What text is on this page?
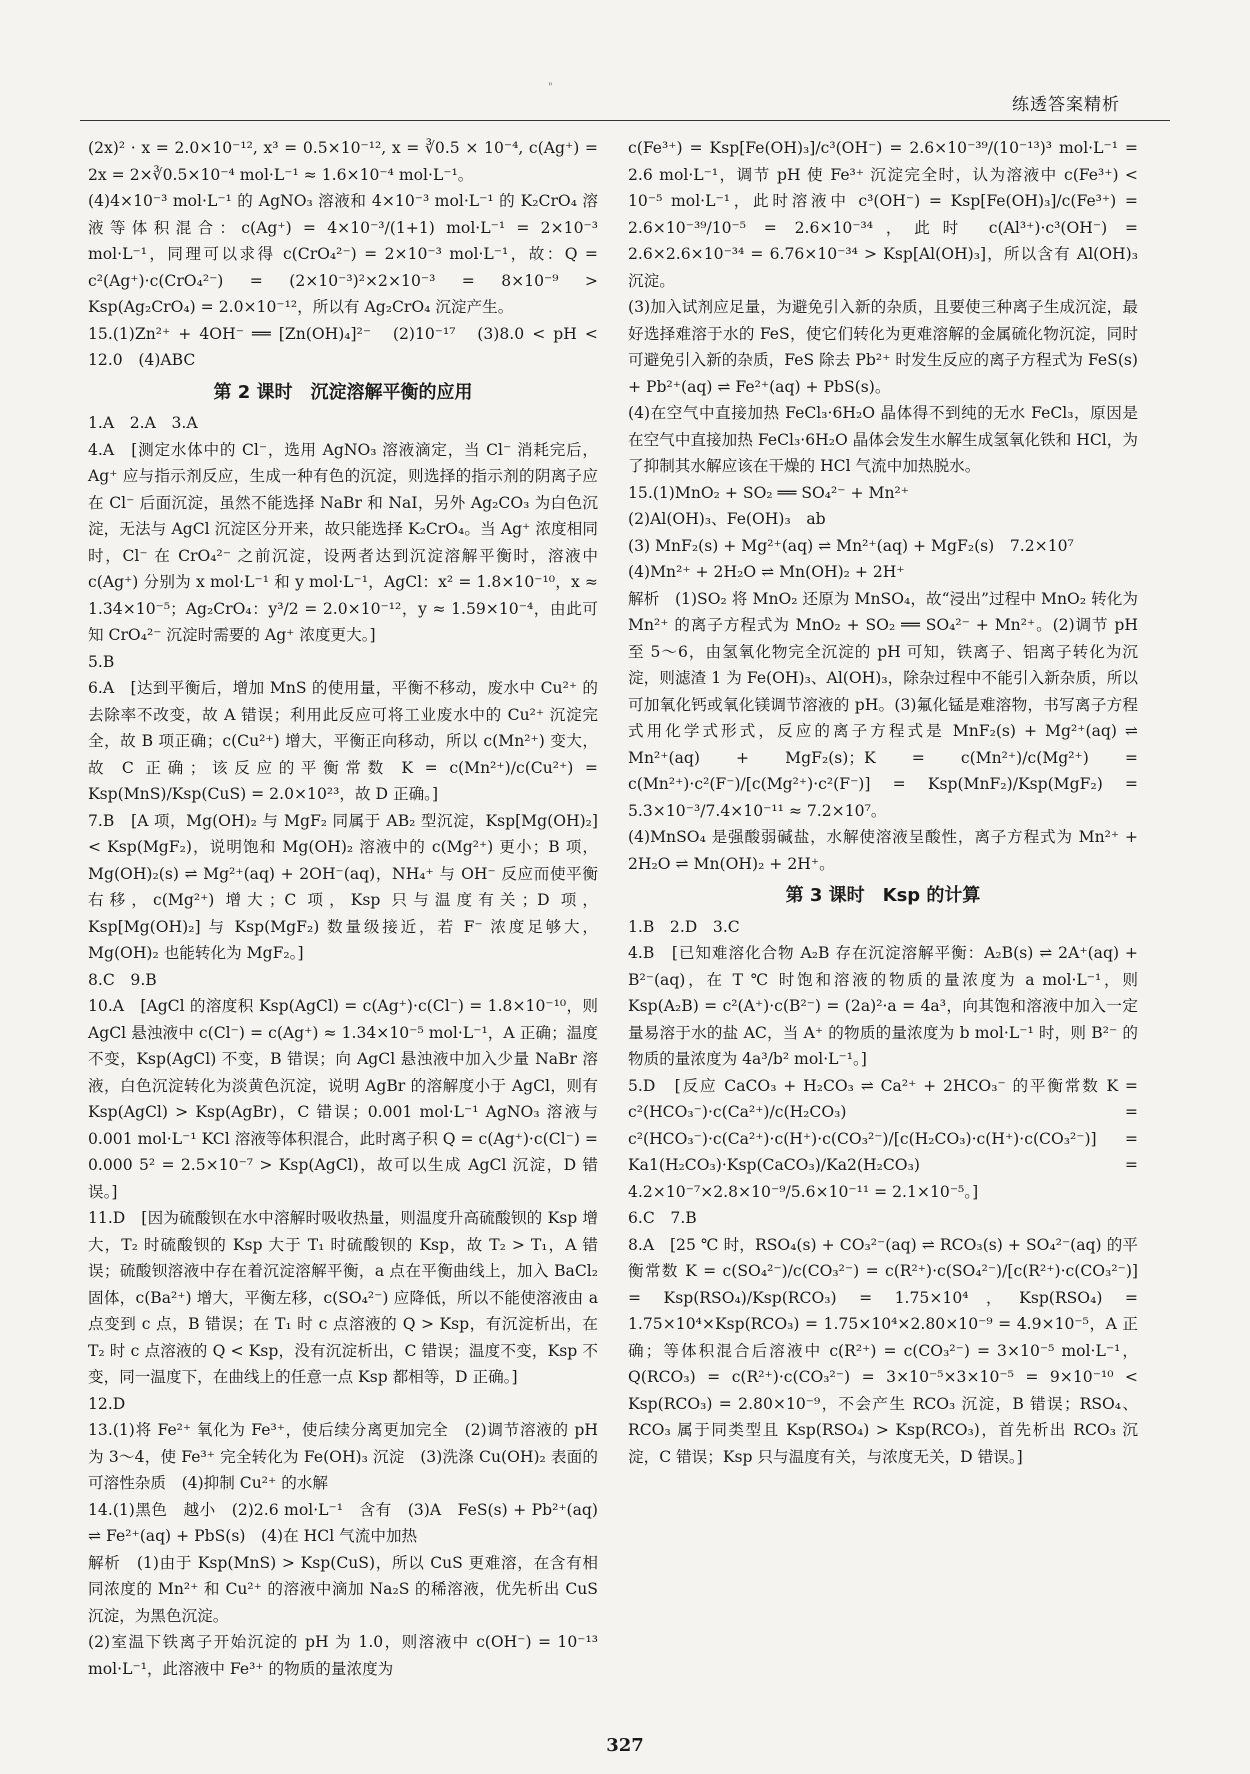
"
练透答案精析
(2x)² · x = 2.0×10⁻¹², x³ = 0.5×10⁻¹², x = ∛0.5 × 10⁻⁴, c(Ag⁺) = 2x = 2×∛0.5×10⁻⁴ mol·L⁻¹ ≈ 1.6×10⁻⁴ mol·L⁻¹。
(4)4×10⁻³ mol·L⁻¹ 的 AgNO₃ 溶液和 4×10⁻³ mol·L⁻¹ 的 K₂CrO₄ 溶液等体积混合：c(Ag⁺) = 4×10⁻³/(1+1) mol·L⁻¹ = 2×10⁻³ mol·L⁻¹，同理可以求得 c(CrO₄²⁻) = 2×10⁻³ mol·L⁻¹，故：Q = c²(Ag⁺)·c(CrO₄²⁻) = (2×10⁻³)²×2×10⁻³ = 8×10⁻⁹ > Ksp(Ag₂CrO₄) = 2.0×10⁻¹²，所以有 Ag₂CrO₄ 沉淀产生。
15.(1)Zn²⁺ + 4OH⁻ ══ [Zn(OH)₄]²⁻　(2)10⁻¹⁷　(3)8.0 < pH < 12.0　(4)ABC
第 2 课时　沉淀溶解平衡的应用
1.A　2.A　3.A
4.A　[测定水体中的 Cl⁻，选用 AgNO₃ 溶液滴定，当 Cl⁻ 消耗完后，Ag⁺ 应与指示剂反应，生成一种有色的沉淀，则选择的指示剂的阴离子应在 Cl⁻ 后面沉淀，虽然不能选择 NaBr 和 NaI，另外 Ag₂CO₃ 为白色沉淀，无法与 AgCl 沉淀区分开来，故只能选择 K₂CrO₄。当 Ag⁺ 浓度相同时，Cl⁻ 在 CrO₄²⁻ 之前沉淀，设两者达到沉淀溶解平衡时，溶液中 c(Ag⁺) 分别为 x mol·L⁻¹ 和 y mol·L⁻¹，AgCl：x² = 1.8×10⁻¹⁰，x ≈ 1.34×10⁻⁵；Ag₂CrO₄：y³/2 = 2.0×10⁻¹²，y ≈ 1.59×10⁻⁴，由此可知 CrO₄²⁻ 沉淀时需要的 Ag⁺ 浓度更大。]
5.B
6.A　[达到平衡后，增加 MnS 的使用量，平衡不移动，废水中 Cu²⁺ 的去除率不改变，故 A 错误；利用此反应可将工业废水中的 Cu²⁺ 沉淀完全，故 B 项正确；c(Cu²⁺) 增大，平衡正向移动，所以 c(Mn²⁺) 变大，故 C 正确；该反应的平衡常数 K = c(Mn²⁺)/c(Cu²⁺) = Ksp(MnS)/Ksp(CuS) = 2.0×10²³，故 D 正确。]
7.B　[A 项，Mg(OH)₂ 与 MgF₂ 同属于 AB₂ 型沉淀，Ksp[Mg(OH)₂] < Ksp(MgF₂)，说明饱和 Mg(OH)₂ 溶液中的 c(Mg²⁺) 更小；B 项，Mg(OH)₂(s) ⇌ Mg²⁺(aq) + 2OH⁻(aq)，NH₄⁺ 与 OH⁻ 反应而使平衡右移，c(Mg²⁺) 增大；C 项，Ksp 只与温度有关；D 项，Ksp[Mg(OH)₂] 与 Ksp(MgF₂) 数量级接近，若 F⁻ 浓度足够大，Mg(OH)₂ 也能转化为 MgF₂。]
8.C　9.B
10.A　[AgCl 的溶度积 Ksp(AgCl) = c(Ag⁺)·c(Cl⁻) = 1.8×10⁻¹⁰，则 AgCl 悬浊液中 c(Cl⁻) = c(Ag⁺) ≈ 1.34×10⁻⁵ mol·L⁻¹，A 正确；温度不变，Ksp(AgCl) 不变，B 错误；向 AgCl 悬浊液中加入少量 NaBr 溶液，白色沉淀转化为淡黄色沉淀，说明 AgBr 的溶解度小于 AgCl，则有 Ksp(AgCl) > Ksp(AgBr)，C 错误；0.001 mol·L⁻¹ AgNO₃ 溶液与 0.001 mol·L⁻¹ KCl 溶液等体积混合，此时离子积 Q = c(Ag⁺)·c(Cl⁻) = 0.000 5² = 2.5×10⁻⁷ > Ksp(AgCl)，故可以生成 AgCl 沉淀，D 错误。]
11.D　[因为硫酸钡在水中溶解时吸收热量，则温度升高硫酸钡的 Ksp 增大，T₂ 时硫酸钡的 Ksp 大于 T₁ 时硫酸钡的 Ksp，故 T₂ > T₁，A 错误；硫酸钡溶液中存在着沉淀溶解平衡，a 点在平衡曲线上，加入 BaCl₂ 固体，c(Ba²⁺) 增大，平衡左移，c(SO₄²⁻) 应降低，所以不能使溶液由 a 点变到 c 点，B 错误；在 T₁ 时 c 点溶液的 Q > Ksp，有沉淀析出，在 T₂ 时 c 点溶液的 Q < Ksp，没有沉淀析出，C 错误；温度不变，Ksp 不变，同一温度下，在曲线上的任意一点 Ksp 都相等，D 正确。]
12.D
13.(1)将 Fe²⁺ 氧化为 Fe³⁺，使后续分离更加完全　(2)调节溶液的 pH 为 3～4，使 Fe³⁺ 完全转化为 Fe(OH)₃ 沉淀　(3)洗涤 Cu(OH)₂ 表面的可溶性杂质　(4)抑制 Cu²⁺ 的水解
14.(1)黑色　越小　(2)2.6 mol·L⁻¹　含有　(3)A　FeS(s) + Pb²⁺(aq) ⇌ Fe²⁺(aq) + PbS(s)　(4)在 HCl 气流中加热
解析　(1)由于 Ksp(MnS) > Ksp(CuS)，所以 CuS 更难溶，在含有相同浓度的 Mn²⁺ 和 Cu²⁺ 的溶液中滴加 Na₂S 的稀溶液，优先析出 CuS 沉淀，为黑色沉淀。
(2)室温下铁离子开始沉淀的 pH 为 1.0，则溶液中 c(OH⁻) = 10⁻¹³ mol·L⁻¹，此溶液中 Fe³⁺ 的物质的量浓度为
c(Fe³⁺) = Ksp[Fe(OH)₃]/c³(OH⁻) = 2.6×10⁻³⁹/(10⁻¹³)³ mol·L⁻¹ = 2.6 mol·L⁻¹，调节 pH 使 Fe³⁺ 沉淀完全时，认为溶液中 c(Fe³⁺) < 10⁻⁵ mol·L⁻¹，此时溶液中 c³(OH⁻) = Ksp[Fe(OH)₃]/c(Fe³⁺) = 2.6×10⁻³⁹/10⁻⁵ = 2.6×10⁻³⁴，此时 c(Al³⁺)·c³(OH⁻) = 2.6×2.6×10⁻³⁴ = 6.76×10⁻³⁴ > Ksp[Al(OH)₃]，所以含有 Al(OH)₃ 沉淀。
(3)加入试剂应足量，为避免引入新的杂质，且要使三种离子生成沉淀，最好选择难溶于水的 FeS，使它们转化为更难溶解的金属硫化物沉淀，同时可避免引入新的杂质，FeS 除去 Pb²⁺ 时发生反应的离子方程式为 FeS(s) + Pb²⁺(aq) ⇌ Fe²⁺(aq) + PbS(s)。
(4)在空气中直接加热 FeCl₃·6H₂O 晶体得不到纯的无水 FeCl₃，原因是在空气中直接加热 FeCl₃·6H₂O 晶体会发生水解生成氢氧化铁和 HCl，为了抑制其水解应该在干燥的 HCl 气流中加热脱水。
15.(1)MnO₂ + SO₂ ══ SO₄²⁻ + Mn²⁺
(2)Al(OH)₃、Fe(OH)₃　ab
(3) MnF₂(s) + Mg²⁺(aq) ⇌ Mn²⁺(aq) + MgF₂(s)　7.2×10⁷
(4)Mn²⁺ + 2H₂O ⇌ Mn(OH)₂ + 2H⁺
解析　(1)SO₂ 将 MnO₂ 还原为 MnSO₄，故“浸出”过程中 MnO₂ 转化为 Mn²⁺ 的离子方程式为 MnO₂ + SO₂ ══ SO₄²⁻ + Mn²⁺。(2)调节 pH 至 5～6，由氢氧化物完全沉淀的 pH 可知，铁离子、铝离子转化为沉淀，则滤渣 1 为 Fe(OH)₃、Al(OH)₃，除杂过程中不能引入新杂质，所以可加氧化钙或氧化镁调节溶液的 pH。(3)氟化锰是难溶物，书写离子方程式用化学式形式，反应的离子方程式是 MnF₂(s) + Mg²⁺(aq) ⇌ Mn²⁺(aq) + MgF₂(s)；K = c(Mn²⁺)/c(Mg²⁺) = c(Mn²⁺)·c²(F⁻)/[c(Mg²⁺)·c²(F⁻)] = Ksp(MnF₂)/Ksp(MgF₂) = 5.3×10⁻³/7.4×10⁻¹¹ ≈ 7.2×10⁷。
(4)MnSO₄ 是强酸弱碱盐，水解使溶液呈酸性，离子方程式为 Mn²⁺ + 2H₂O ⇌ Mn(OH)₂ + 2H⁺。
第 3 课时　Ksp 的计算
1.B　2.D　3.C
4.B　[已知难溶化合物 A₂B 存在沉淀溶解平衡：A₂B(s) ⇌ 2A⁺(aq) + B²⁻(aq)，在 T ℃ 时饱和溶液的物质的量浓度为 a mol·L⁻¹，则 Ksp(A₂B) = c²(A⁺)·c(B²⁻) = (2a)²·a = 4a³，向其饱和溶液中加入一定量易溶于水的盐 AC，当 A⁺ 的物质的量浓度为 b mol·L⁻¹ 时，则 B²⁻ 的物质的量浓度为 4a³/b² mol·L⁻¹。]
5.D　[反应 CaCO₃ + H₂CO₃ ⇌ Ca²⁺ + 2HCO₃⁻ 的平衡常数 K = c²(HCO₃⁻)·c(Ca²⁺)/c(H₂CO₃) = c²(HCO₃⁻)·c(Ca²⁺)·c(H⁺)·c(CO₃²⁻)/[c(H₂CO₃)·c(H⁺)·c(CO₃²⁻)] = Ka1(H₂CO₃)·Ksp(CaCO₃)/Ka2(H₂CO₃) = 4.2×10⁻⁷×2.8×10⁻⁹/5.6×10⁻¹¹ = 2.1×10⁻⁵。]
6.C　7.B
8.A　[25 ℃ 时，RSO₄(s) + CO₃²⁻(aq) ⇌ RCO₃(s) + SO₄²⁻(aq) 的平衡常数 K = c(SO₄²⁻)/c(CO₃²⁻) = c(R²⁺)·c(SO₄²⁻)/[c(R²⁺)·c(CO₃²⁻)] = Ksp(RSO₄)/Ksp(RCO₃) = 1.75×10⁴，Ksp(RSO₄) = 1.75×10⁴×Ksp(RCO₃) = 1.75×10⁴×2.80×10⁻⁹ = 4.9×10⁻⁵，A 正确；等体积混合后溶液中 c(R²⁺) = c(CO₃²⁻) = 3×10⁻⁵ mol·L⁻¹，Q(RCO₃) = c(R²⁺)·c(CO₃²⁻) = 3×10⁻⁵×3×10⁻⁵ = 9×10⁻¹⁰ < Ksp(RCO₃) = 2.80×10⁻⁹，不会产生 RCO₃ 沉淀，B 错误；RSO₄、RCO₃ 属于同类型且 Ksp(RSO₄) > Ksp(RCO₃)，首先析出 RCO₃ 沉淀，C 错误；Ksp 只与温度有关，与浓度无关，D 错误。]
327
